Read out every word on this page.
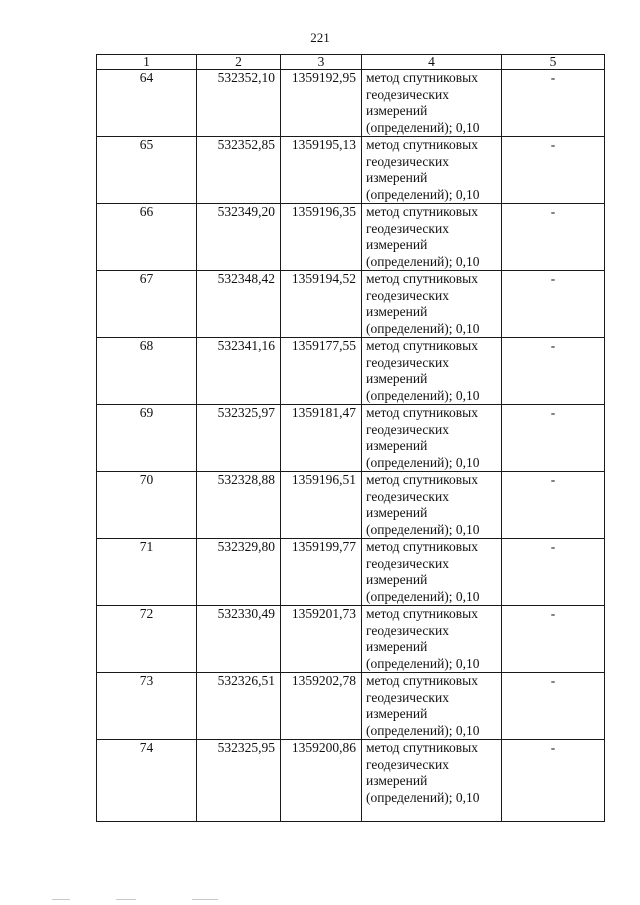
221
1	2	3	4	5
64	532352,10	1359192,95	метод спутниковых геодезических измерений (определений); 0,10	-
65	532352,85	1359195,13	метод спутниковых геодезических измерений (определений); 0,10	-
66	532349,20	1359196,35	метод спутниковых геодезических измерений (определений); 0,10	-
67	532348,42	1359194,52	метод спутниковых геодезических измерений (определений); 0,10	-
68	532341,16	1359177,55	метод спутниковых геодезических измерений (определений); 0,10	-
69	532325,97	1359181,47	метод спутниковых геодезических измерений (определений); 0,10	-
70	532328,88	1359196,51	метод спутниковых геодезических измерений (определений); 0,10	-
71	532329,80	1359199,77	метод спутниковых геодезических измерений (определений); 0,10	-
72	532330,49	1359201,73	метод спутниковых геодезических измерений (определений); 0,10	-
73	532326,51	1359202,78	метод спутниковых геодезических измерений (определений); 0,10	-
74	532325,95	1359200,86	метод спутниковых геодезических измерений (определений); 0,10	-
